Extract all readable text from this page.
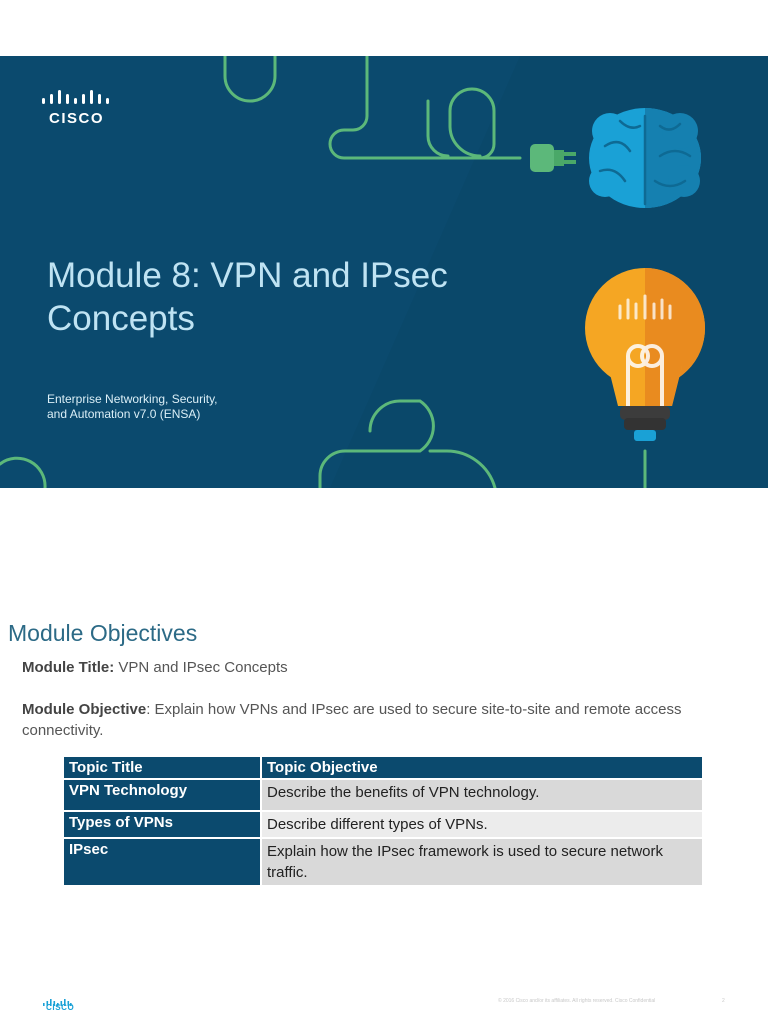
CISCO
Module 8: VPN and IPsec
Concepts
Enterprise Networking, Security,
and Automation v7.0 (ENSA)
Module Objectives
Module Title: VPN and IPsec Concepts
Module Objective: Explain how VPNs and IPsec are used to secure site-to-site and remote access connectivity.
Topic Title	Topic Objective
VPN Technology	Describe the benefits of VPN technology.
Types of VPNs	Describe different types of VPNs.
IPsec	Explain how the IPsec framework is used to secure network traffic.
CISCO
© 2016 Cisco and/or its affiliates. All rights reserved. Cisco Confidential	2
